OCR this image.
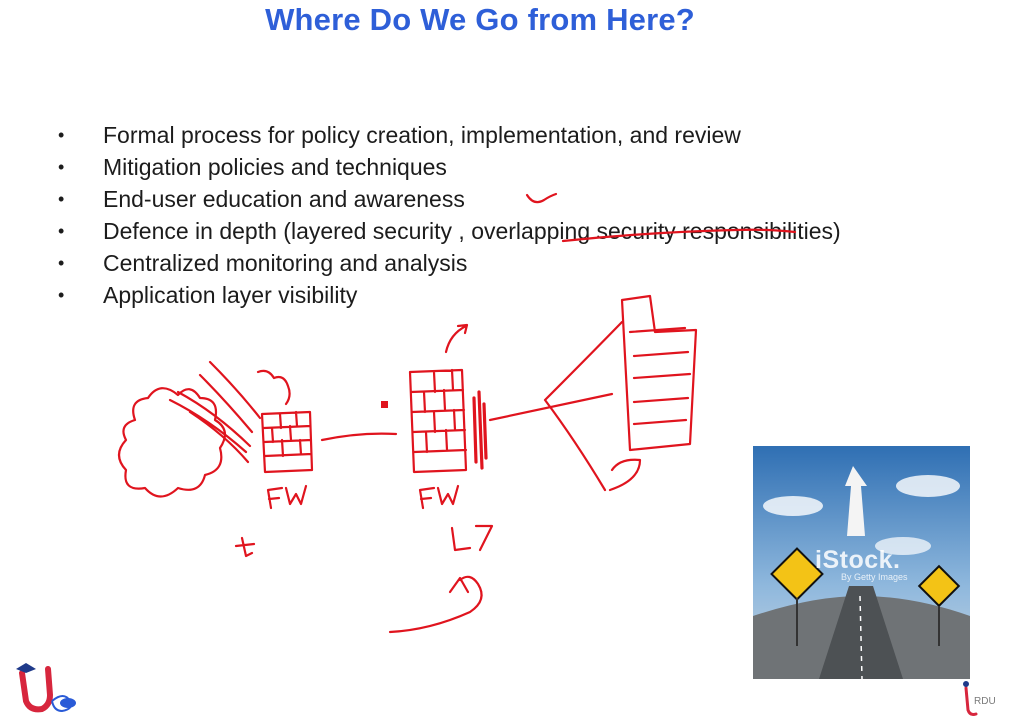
Where Do We Go from Here?
•	Formal process for policy creation, implementation, and review
•	Mitigation policies and techniques
•	End-user education and awareness
•	Defence in depth (layered security , overlapping security responsibilities)
•	Centralized monitoring and analysis
•	Application layer visibility
iStock.
By Getty Images
RDU
